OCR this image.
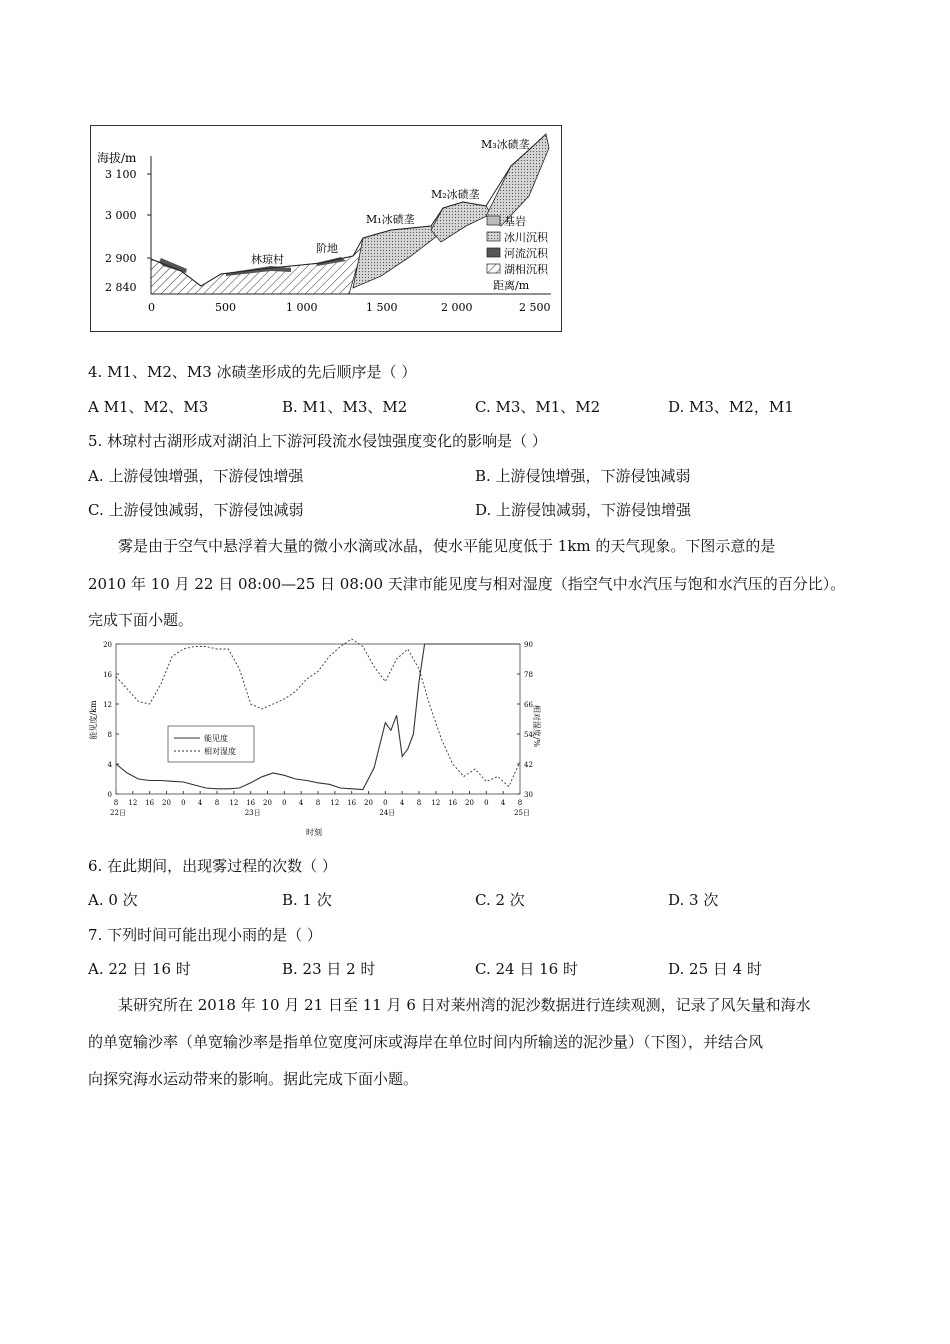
海拔/m
3 100
3 000
2 900
2 840
0	500	1 000	1 500	2 000	2 500
距离/m
林琼村
阶地
M₁冰碛垄
M₂冰碛垄
M₃冰碛垄
基岩
冰川沉积
河流沉积
湖相沉积
4. M1、M2、M3 冰碛垄形成的先后顺序是（ ）
A M1、M2、M3	B. M1、M3、M2	C. M3、M1、M2	D. M3、M2，M1
5. 林琼村古湖形成对湖泊上下游河段流水侵蚀强度变化的影响是（ ）
A. 上游侵蚀增强，下游侵蚀增强	B. 上游侵蚀增强，下游侵蚀减弱
C. 上游侵蚀减弱，下游侵蚀减弱	D. 上游侵蚀减弱，下游侵蚀增强
雾是由于空气中悬浮着大量的微小水滴或冰晶，使水平能见度低于 1km 的天气现象。下图示意的是
2010 年 10 月 22 日 08:00—25 日 08:00 天津市能见度与相对湿度（指空气中水汽压与饱和水汽压的百分比）。
完成下面小题。
0
4
8
12
16
20
30
42
54
66
78
90
8 12 16 20 0 4 8 12 16 20 0 4 8 12 16 20 0 4 8 12 16 20 0 4 8
22日	23日	24日	25日
能见度/km	相对湿度/%
时刻
能见度
相对湿度
6. 在此期间，出现雾过程的次数（ ）
A. 0 次	B. 1 次	C. 2 次	D. 3 次
7. 下列时间可能出现小雨的是（ ）
A. 22 日 16 时	B. 23 日 2 时	C. 24 日 16 时	D. 25 日 4 时
某研究所在 2018 年 10 月 21 日至 11 月 6 日对莱州湾的泥沙数据进行连续观测，记录了风矢量和海水
的单宽输沙率（单宽输沙率是指单位宽度河床或海岸在单位时间内所输送的泥沙量）（下图），并结合风
向探究海水运动带来的影响。据此完成下面小题。
